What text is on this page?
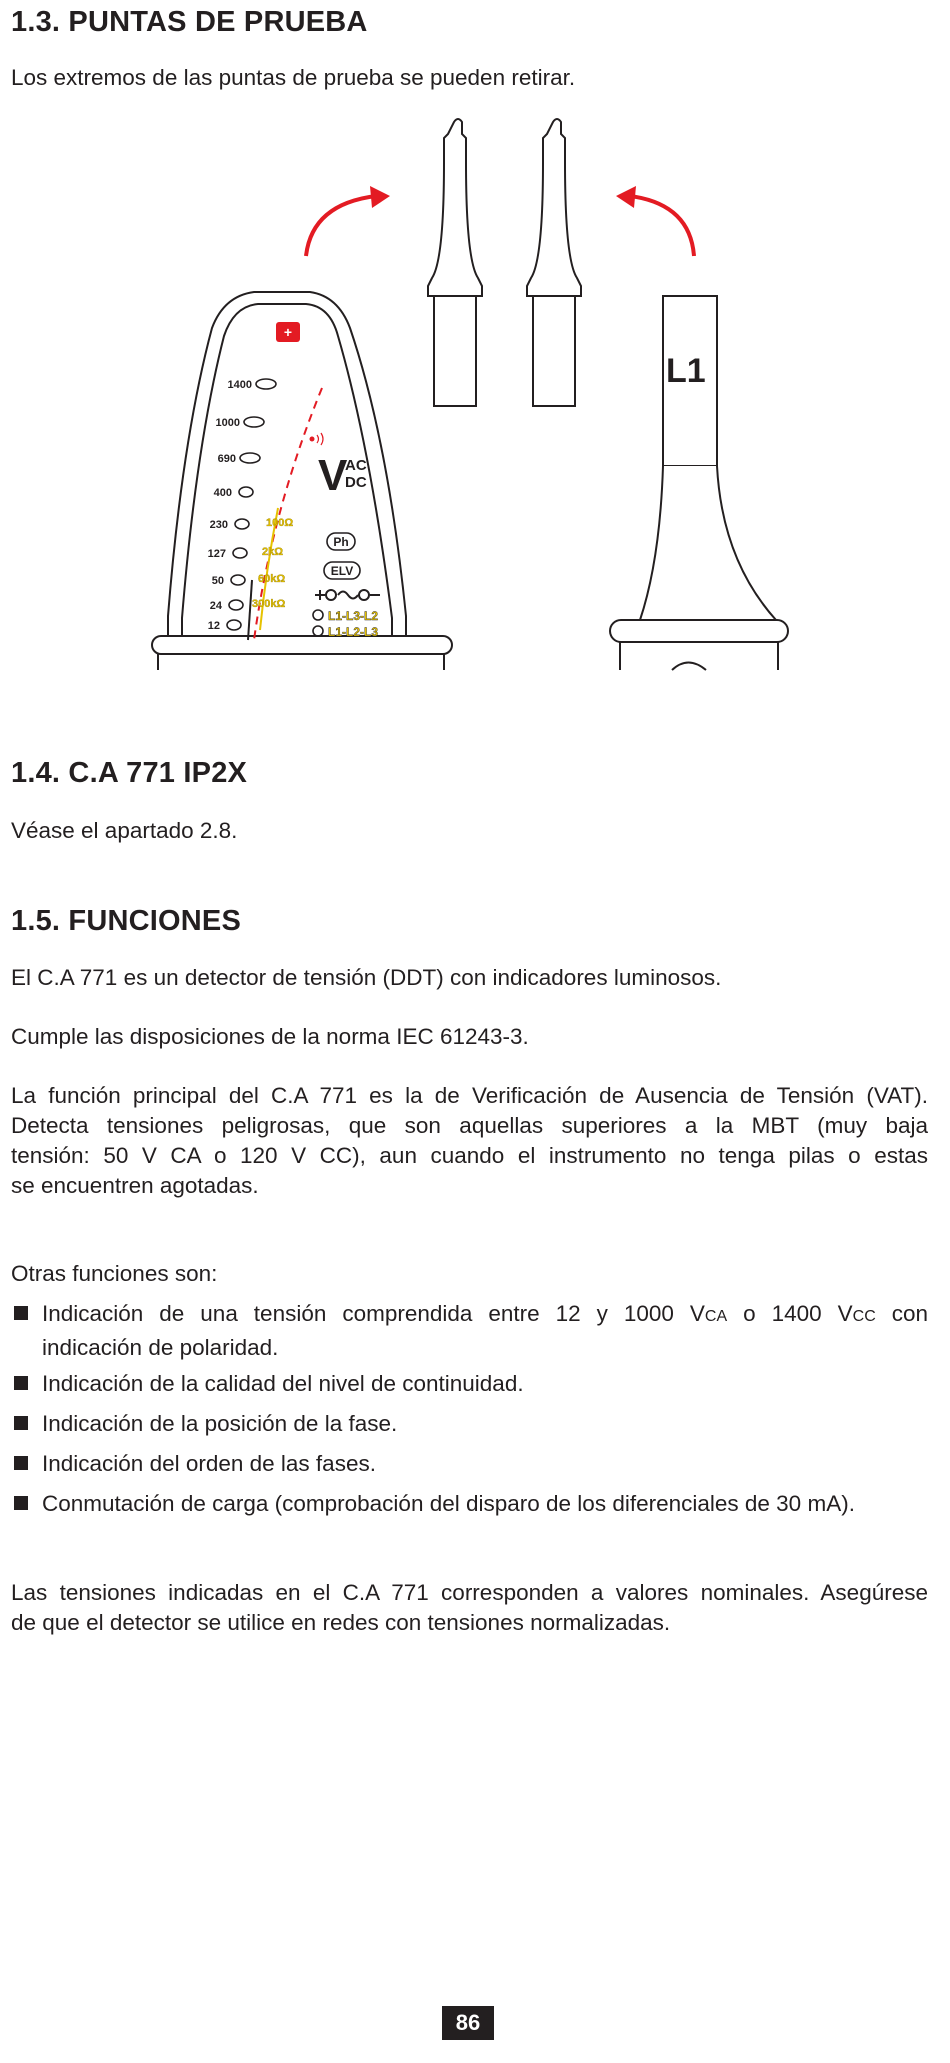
1.3. PUNTAS DE PRUEBA

Los extremos de las puntas de prueba se pueden retirar.

1.4. C.A 771 IP2X

Véase el apartado 2.8.

1.5. FUNCIONES

El C.A 771 es un detector de tensión (DDT) con indicadores luminosos.

Cumple las disposiciones de la norma IEC 61243-3.

La función principal del C.A 771 es la de Verificación de Ausencia de Tensión (VAT).
Detecta tensiones peligrosas, que son aquellas superiores a la MBT (muy baja
tensión: 50 V CA o 120 V CC), aun cuando el instrumento no tenga pilas o estas
se encuentren agotadas.

Otras funciones son:

Indicación de una tensión comprendida entre 12 y 1000 VCA o 1400 VCC con
indicación de polaridad.
Indicación de la calidad del nivel de continuidad.
Indicación de la posición de la fase.
Indicación del orden de las fases.
Conmutación de carga (comprobación del disparo de los diferenciales de 30 mA).
Las tensiones indicadas en el C.A 771 corresponden a valores nominales. Asegúrese
de que el detector se utilice en redes con tensiones normalizadas.
L1
+
1400
1000
690
400
230
127
50
24
12
100Ω
2kΩ
60kΩ
300kΩ
V
AC
DC
Ph
ELV
L1-L3-L2
L1-L2-L3
86
